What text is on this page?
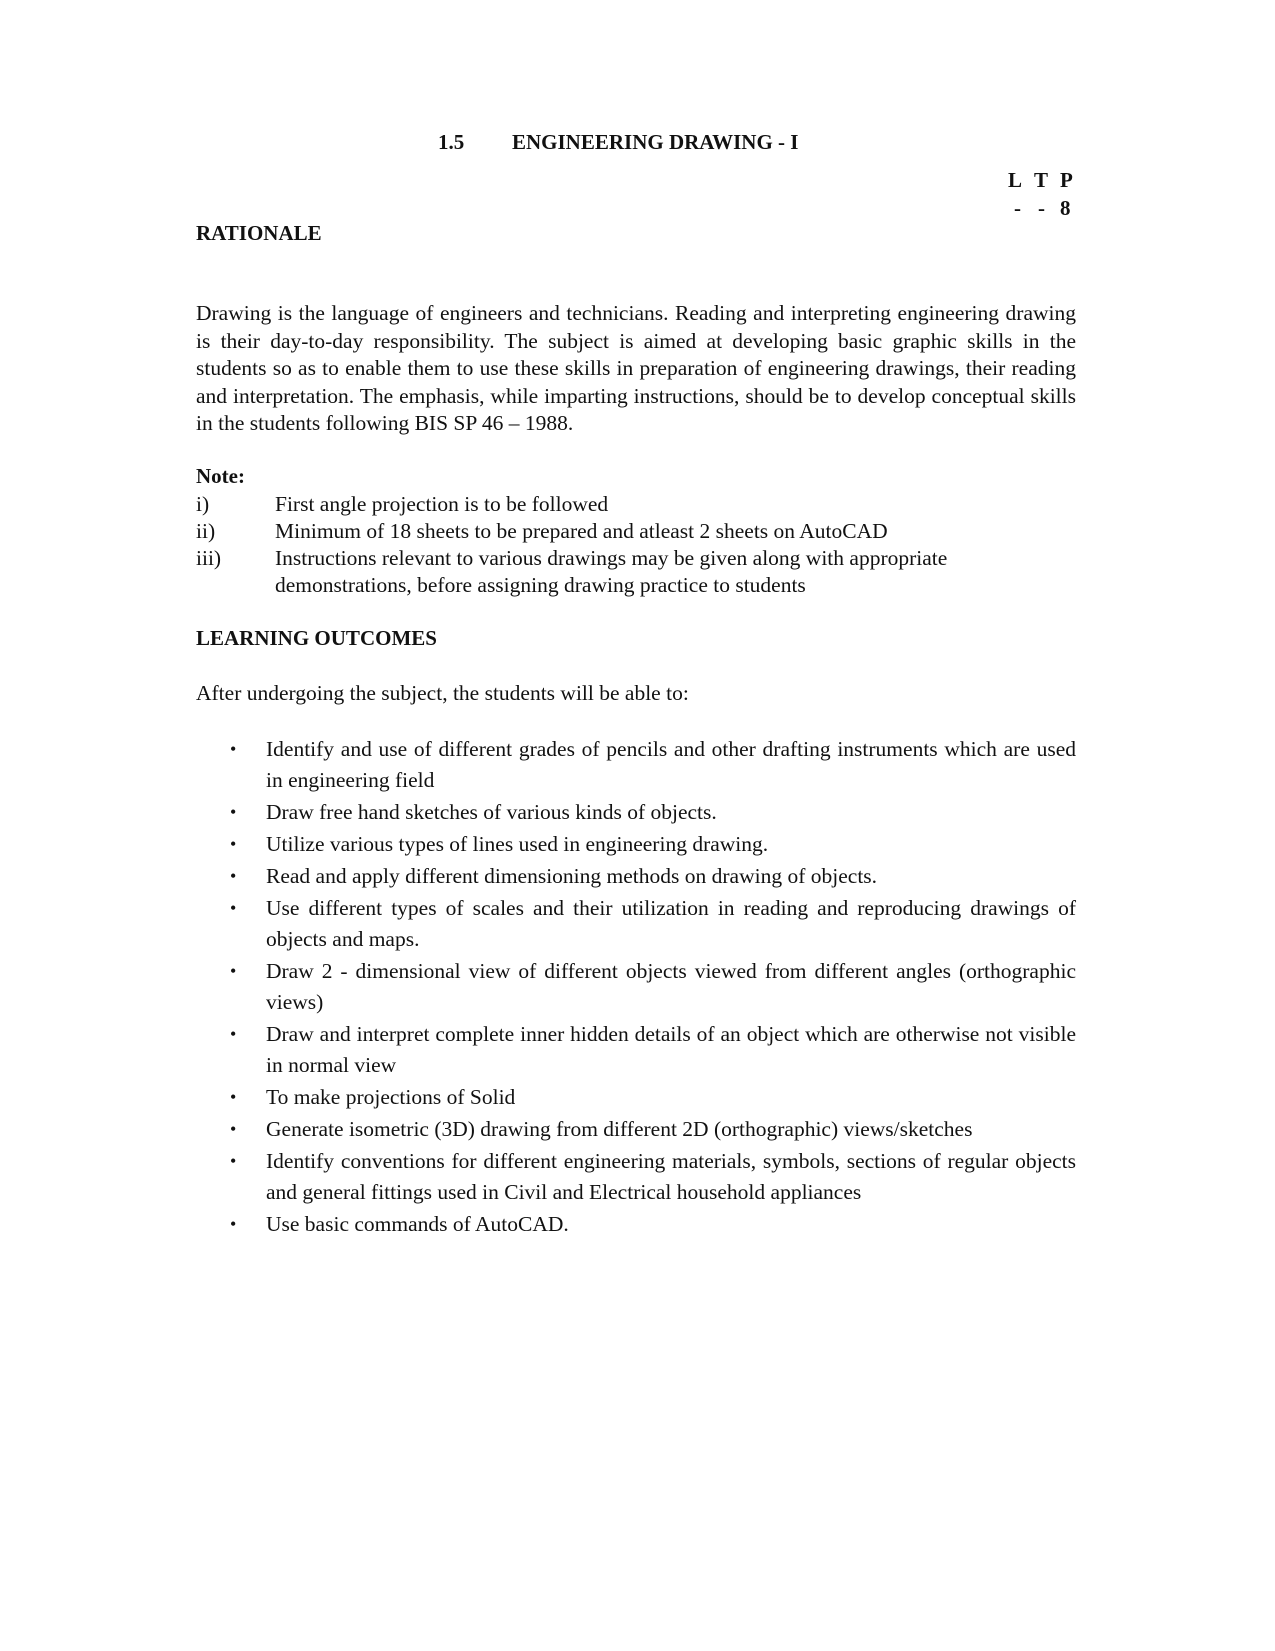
1.5 ENGINEERING DRAWING - I
L T P
- - 8
RATIONALE
Drawing is the language of engineers and technicians. Reading and interpreting engineering drawing is their day-to-day responsibility. The subject is aimed at developing basic graphic skills in the students so as to enable them to use these skills in preparation of engineering drawings, their reading and interpretation. The emphasis, while imparting instructions, should be to develop conceptual skills in the students following BIS SP 46 – 1988.
Note:
i)	First angle projection is to be followed
ii)	Minimum of 18 sheets to be prepared and atleast 2 sheets on AutoCAD
iii)	Instructions relevant to various drawings may be given along with appropriate demonstrations, before assigning drawing practice to students
LEARNING OUTCOMES
After undergoing the subject, the students will be able to:
•	Identify and use of different grades of pencils and other drafting instruments which are used in engineering field
•	Draw free hand sketches of various kinds of objects.
•	Utilize various types of lines used in engineering drawing.
•	Read and apply different dimensioning methods on drawing of objects.
•	Use different types of scales and their utilization in reading and reproducing drawings of objects and maps.
•	Draw 2 - dimensional view of different objects viewed from different angles (orthographic views)
•	Draw and interpret complete inner hidden details of an object which are otherwise not visible in normal view
•	To make projections of Solid
•	Generate isometric (3D) drawing from different 2D (orthographic) views/sketches
•	Identify conventions for different engineering materials, symbols, sections of regular objects and general fittings used in Civil and Electrical household appliances
•	Use basic commands of AutoCAD.
